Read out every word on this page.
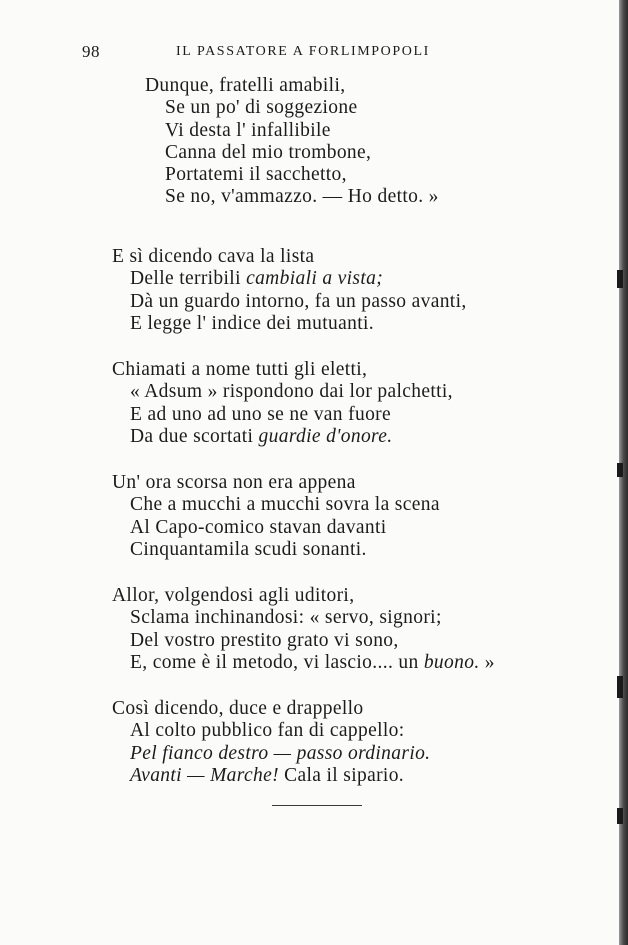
98	IL PASSATORE A FORLIMPOPOLI
Dunque, fratelli amabili,
Se un po' di soggezione
Vi desta l' infallibile
Canna del mio trombone,
Portatemi il sacchetto,
Se no, v'ammazzo. — Ho detto. »
E sì dicendo cava la lista
Delle terribili cambiali a vista;
Dà un guardo intorno, fa un passo avanti,
E legge l' indice dei mutuanti.
Chiamati a nome tutti gli eletti,
« Adsum » rispondono dai lor palchetti,
E ad uno ad uno se ne van fuore
Da due scortati guardie d'onore.
Un' ora scorsa non era appena
Che a mucchi a mucchi sovra la scena
Al Capo-comico stavan davanti
Cinquantamila scudi sonanti.
Allor, volgendosi agli uditori,
Sclama inchinandosi: « servo, signori;
Del vostro prestito grato vi sono,
E, come è il metodo, vi lascio.... un buono. »
Così dicendo, duce e drappello
Al colto pubblico fan di cappello:
Pel fianco destro — passo ordinario.
Avanti — Marche! Cala il sipario.
